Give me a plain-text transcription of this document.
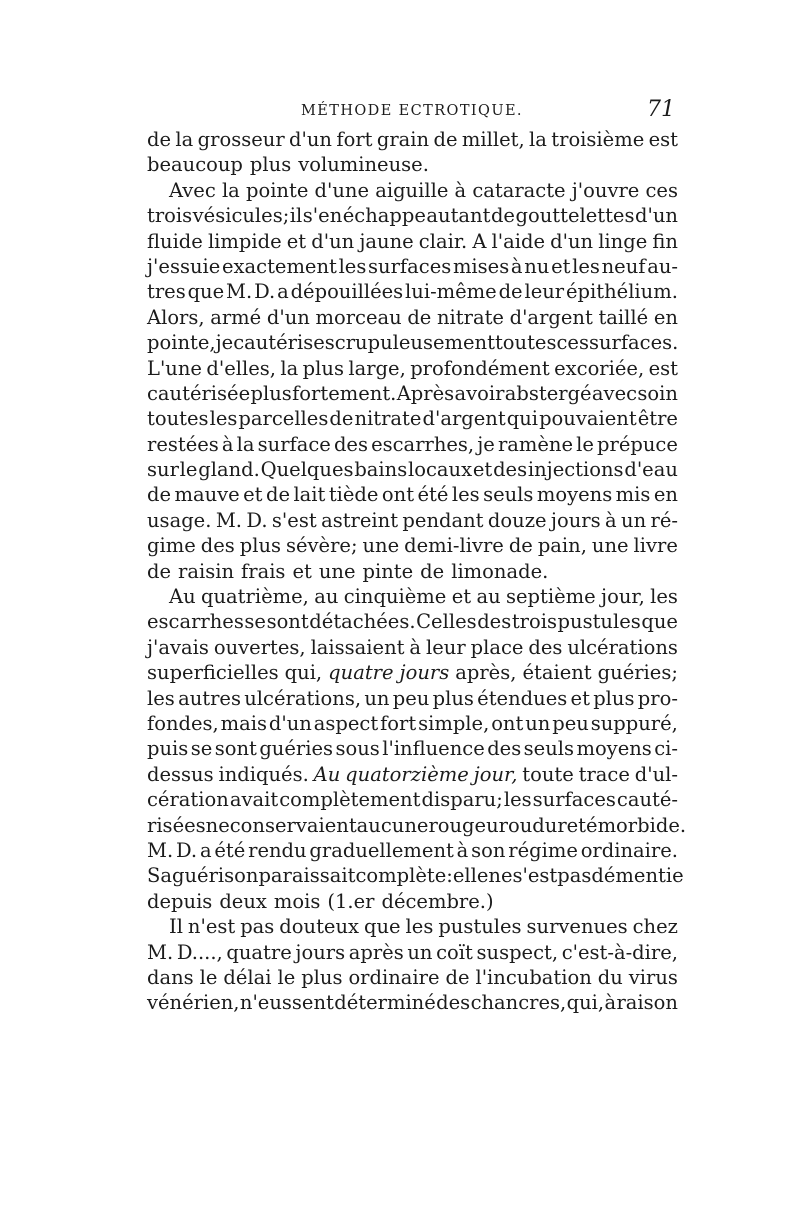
MÉTHODE ECTROTIQUE.	71
de la grosseur d'un fort grain de millet, la troisième est
beaucoup plus volumineuse.
Avec la pointe d'une aiguille à cataracte j'ouvre ces
trois vésicules; il s'en échappe autant de gouttelettes d'un
fluide limpide et d'un jaune clair. A l'aide d'un linge fin
j'essuie exactement les surfaces mises à nu et les neuf au-
tres que M. D. a dépouillées lui-même de leur épithélium.
Alors, armé d'un morceau de nitrate d'argent taillé en
pointe, je cautérise scrupuleusement toutes ces surfaces.
L'une d'elles, la plus large, profondément excoriée, est
cautérisée plus fortement. Après avoir abstergé avec soin
toutes les parcelles de nitrate d'argent qui pouvaient être
restées à la surface des escarrhes, je ramène le prépuce
sur le gland. Quelques bains locaux et des injections d'eau
de mauve et de lait tiède ont été les seuls moyens mis en
usage. M. D. s'est astreint pendant douze jours à un ré-
gime des plus sévère; une demi-livre de pain, une livre
de raisin frais et une pinte de limonade.
Au quatrième, au cinquième et au septième jour, les
escarrhes se sont détachées. Celles des trois pustules que
j'avais ouvertes, laissaient à leur place des ulcérations
superficielles qui, quatre jours après, étaient guéries;
les autres ulcérations, un peu plus étendues et plus pro-
fondes, mais d'un aspect fort simple, ont un peu suppuré,
puis se sont guéries sous l'influence des seuls moyens ci-
dessus indiqués. Au quatorzième jour, toute trace d'ul-
cération avait complètement disparu; les surfaces cauté-
risées ne conservaient aucune rougeur ou dureté morbide.
M. D. a été rendu graduellement à son régime ordinaire.
Sa guérison paraissait complète : elle ne s'est pas démentie
depuis deux mois (1.er décembre.)
Il n'est pas douteux que les pustules survenues chez
M. D...., quatre jours après un coït suspect, c'est-à-dire,
dans le délai le plus ordinaire de l'incubation du virus
vénérien, n'eussent déterminé des chancres, qui, à raison
